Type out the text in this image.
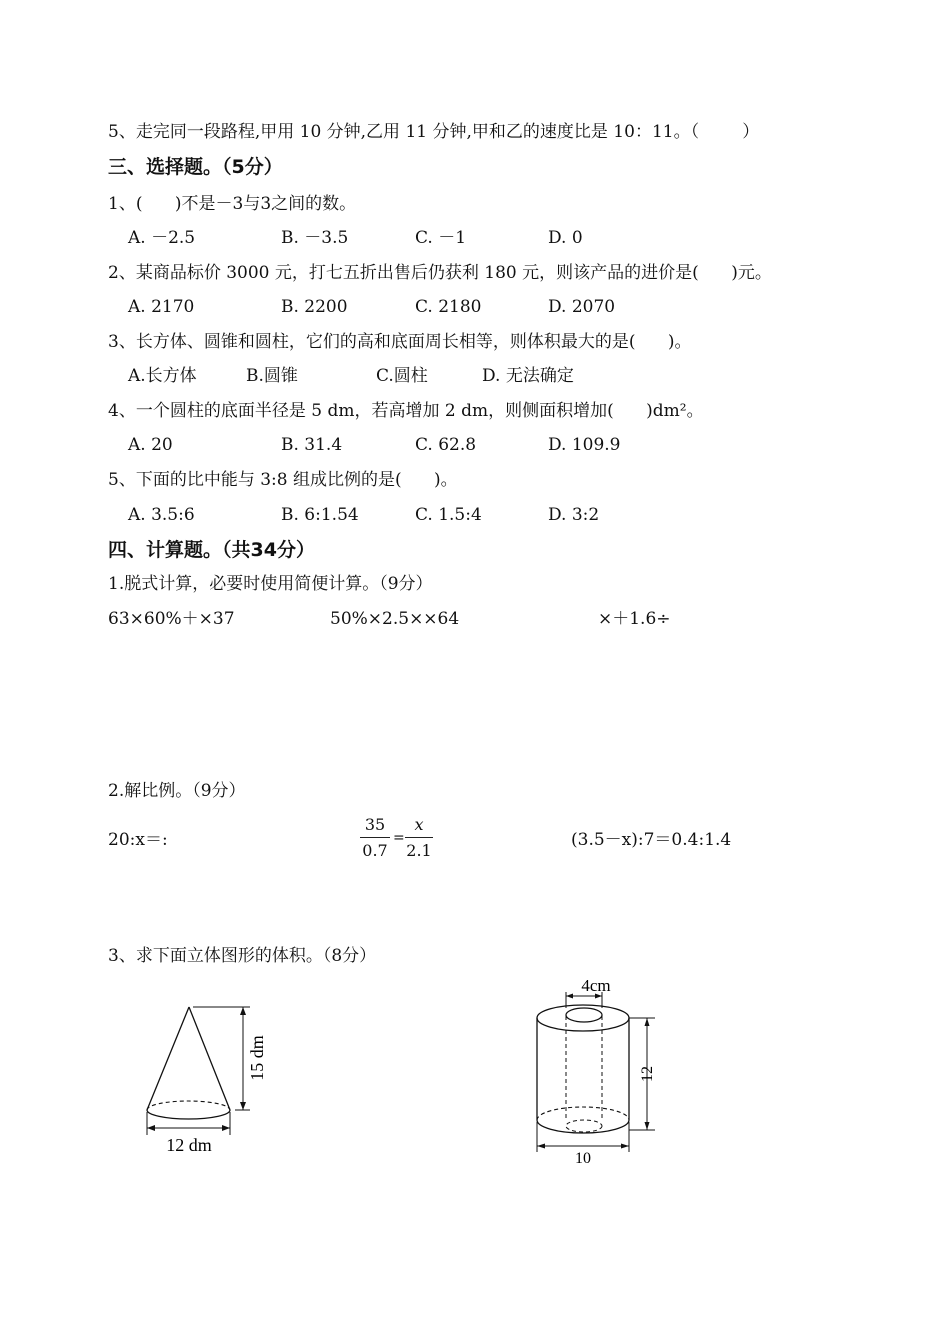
5、走完同一段路程,甲用 10 分钟,乙用 11 分钟,甲和乙的速度比是 10：11。（        ）
三、选择题。（5分）
1、(      )不是－3与3之间的数。
A. －2.5	B. －3.5	C. －1	D. 0
2、某商品标价 3000 元，打七五折出售后仍获利 180 元，则该产品的进价是(      )元。
A. 2170	B. 2200	C. 2180	D. 2070
3、长方体、圆锥和圆柱，它们的高和底面周长相等，则体积最大的是(      )。
A.长方体	B.圆锥	C.圆柱	D. 无法确定
4、一个圆柱的底面半径是 5 dm，若高增加 2 dm，则侧面积增加(      )dm²。
A. 20	B. 31.4	C. 62.8	D. 109.9
5、下面的比中能与 3:8 组成比例的是(      )。
A. 3.5:6	B. 6:1.54	C. 1.5:4	D. 3:2
四、计算题。（共34分）
1.脱式计算，必要时使用简便计算。（9分）
63×60%＋×37	50%×2.5××64	×＋1.6÷
2.解比例。（9分）
20:x＝:
35
0.7
=
x
2.1
(3.5－x):7＝0.4:1.4
3、求下面立体图形的体积。（8分）
15 dm
12 dm
4cm
12
10
